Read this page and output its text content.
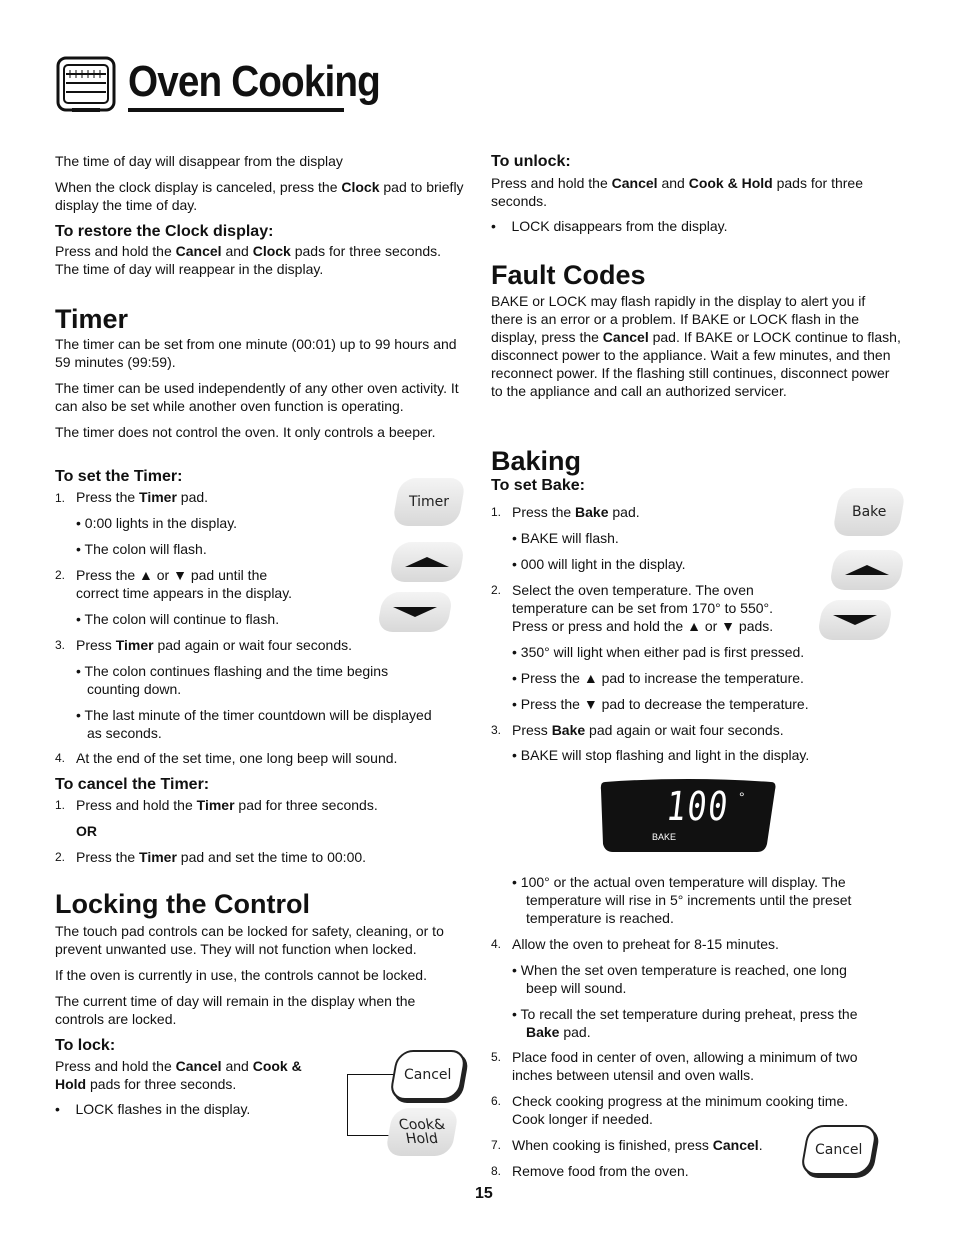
Oven Cooking

The time of day will disappear from the display

When the clock display is canceled, press the Clock pad to briefly display the time of day.

To restore the Clock display:

Press and hold the Cancel and Clock pads for three seconds. The time of day will reappear in the display.

Timer

The timer can be set from one minute (00:01) up to 99 hours and 59 minutes (99:59).

The timer can be used independently of any other oven activity. It can also be set while another oven function is operating.

The timer does not control the oven. It only controls a beeper.

To set the Timer:
1. Press the Timer pad.
• 0:00 lights in the display.
• The colon will flash.
2. Press the ▲ or ▼ pad until the
correct time appears in the display.
• The colon will continue to flash.
3. Press Timer pad again or wait four seconds.
• The colon continues flashing and the time begins
counting down.
• The last minute of the timer countdown will be displayed
as seconds.
4. At the end of the set time, one long beep will sound.
To cancel the Timer:
1. Press and hold the Timer pad for three seconds.
OR
2. Press the Timer pad and set the time to 00:00.
Locking the Control

The touch pad controls can be locked for safety, cleaning, or to prevent unwanted use. They will not function when locked.

If the oven is currently in use, the controls cannot be locked.

The current time of day will remain in the display when the controls are locked.

To lock:

Press and hold the Cancel and Cook &
Hold pads for three seconds.

•    LOCK flashes in the display.

Timer
Cancel
Cook&
Hold
To unlock:

Press and hold the Cancel and Cook & Hold pads for three seconds.

•    LOCK disappears from the display.

Fault Codes

BAKE or LOCK may flash rapidly in the display to alert you if there is an error or a problem. If BAKE or LOCK flash in the display, press the Cancel pad. If BAKE or LOCK continue to flash, disconnect power to the appliance. Wait a few minutes, and then reconnect power. If the flashing still continues, disconnect power to the appliance and call an authorized servicer.

Baking
To set Bake:
1. Press the Bake pad.
• BAKE will flash.
• 000 will light in the display.
2. Select the oven temperature. The oven
temperature can be set from 170° to 550°.
Press or press and hold the ▲ or ▼ pads.
• 350° will light when either pad is first pressed.
• Press the ▲ pad to increase the temperature.
• Press the ▼ pad to decrease the temperature.
3. Press Bake pad again or wait four seconds.
• BAKE will stop flashing and light in the display.
100 °
BAKE
• 100° or the actual oven temperature will display. The
temperature will rise in 5° increments until the preset
temperature is reached.
4. Allow the oven to preheat for 8-15 minutes.
• When the set oven temperature is reached, one long
beep will sound.
• To recall the set temperature during preheat, press the
Bake pad.
5. Place food in center of oven, allowing a minimum of two
inches between utensil and oven walls.
6. Check cooking progress at the minimum cooking time.
Cook longer if needed.
7. When cooking is finished, press Cancel.
8. Remove food from the oven.
Bake
Cancel
15
